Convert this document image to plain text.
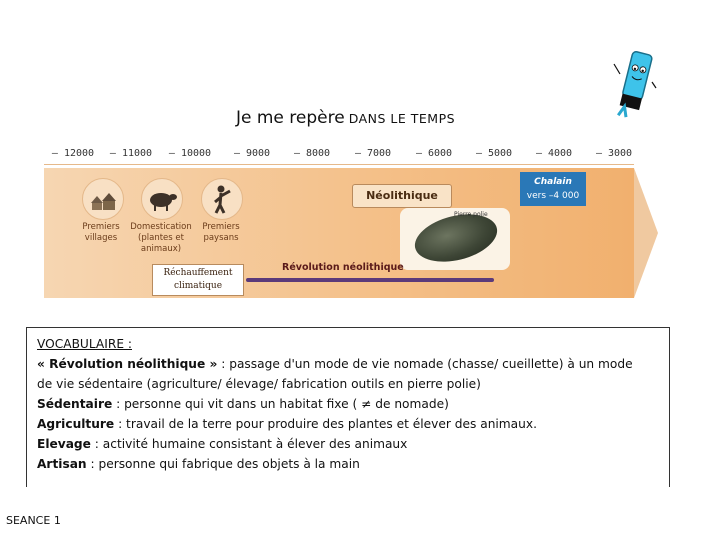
Je me repère DANS LE TEMPS
– 12000 – 11000 – 10000 – 9000 – 8000 – 7000 – 6000 – 5000 – 4000 – 3000
Premiers villages
Domestication (plantes et animaux)
Premiers paysans
Néolithique
Chalain
vers –4 000
Pierre polie
Réchauffement climatique
Révolution néolithique
VOCABULAIRE :
« Révolution néolithique » : passage d'un mode de vie nomade (chasse/ cueillette) à un mode
de vie sédentaire (agriculture/ élevage/ fabrication outils en pierre polie)
Sédentaire : personne qui vit dans un habitat fixe ( ≠ de nomade)
Agriculture : travail de la terre pour produire des plantes et élever des animaux.
Elevage : activité humaine consistant à élever des animaux
Artisan : personne qui fabrique des objets à la main
SEANCE 1
